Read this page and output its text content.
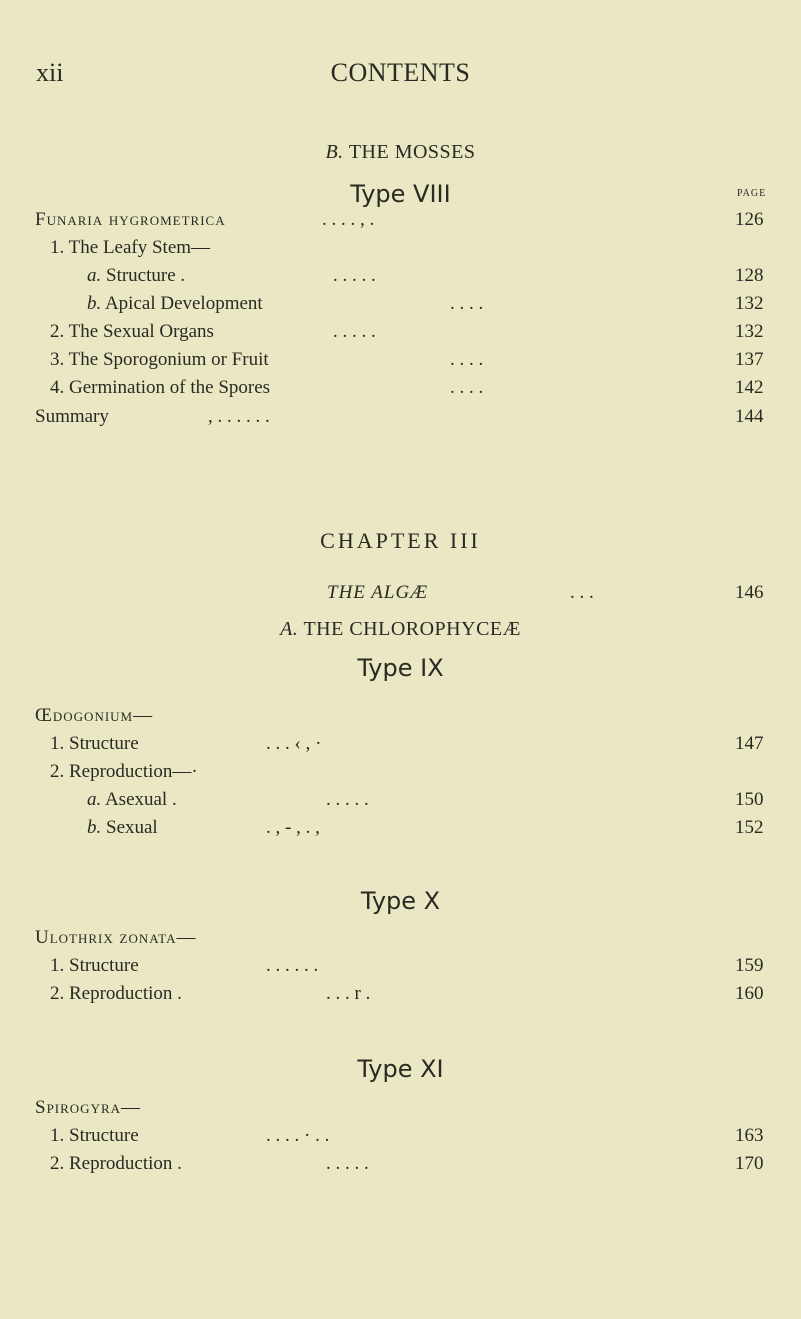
xii	CONTENTS
B. THE MOSSES
Type VIII	PAGE
Funaria hygrometrica	. . . . , .	126
1. The Leafy Stem—
a. Structure .	. . . . .	128
b. Apical Development	. . . .	132
2. The Sexual Organs	. . . . .	132
3. The Sporogonium or Fruit	. . . .	137
4. Germination of the Spores	. . . .	142
Summary	, . . . . . .	144
CHAPTER III
THE ALGÆ	. . .	146
A. THE CHLOROPHYCEÆ
Type IX
Œdogonium—
1. Structure	. . . ‹ , ·	147
2. Reproduction—·
a. Asexual .	. . . . .	150
b. Sexual	. , - , . ,	152
Type X
Ulothrix zonata—
1. Structure	. . . . . .	159
2. Reproduction .	. . . r .	160
Type XI
Spirogyra—
1. Structure	. . . . · . .	163
2. Reproduction .	. . . . .	170
